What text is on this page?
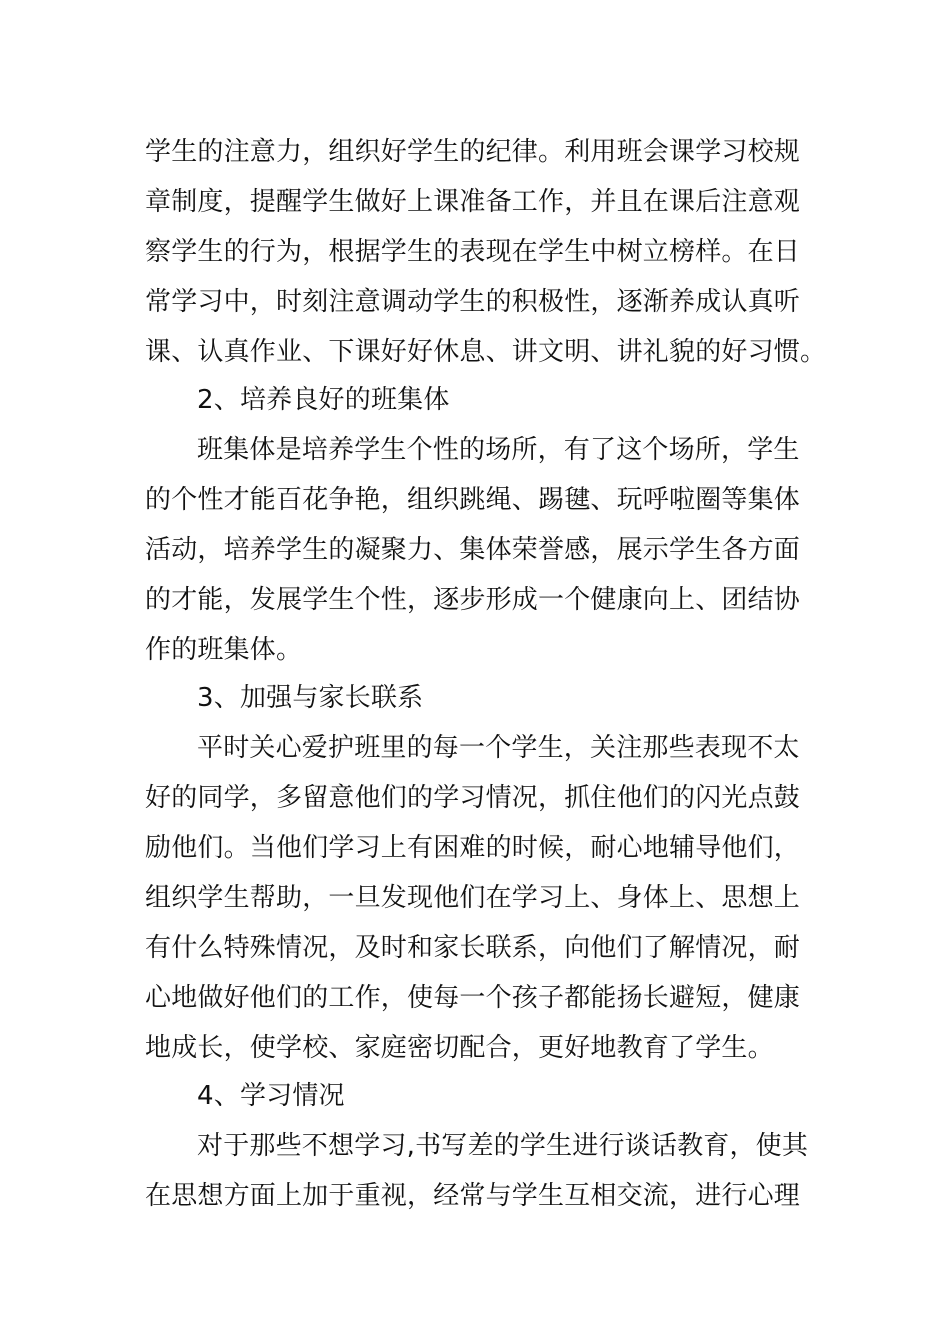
学生的注意力，组织好学生的纪律。利用班会课学习校规
章制度，提醒学生做好上课准备工作，并且在课后注意观
察学生的行为，根据学生的表现在学生中树立榜样。在日
常学习中，时刻注意调动学生的积极性，逐渐养成认真听
课、认真作业、下课好好休息、讲文明、讲礼貌的好习惯。
2、培养良好的班集体
班集体是培养学生个性的场所，有了这个场所，学生
的个性才能百花争艳，组织跳绳、踢毽、玩呼啦圈等集体
活动，培养学生的凝聚力、集体荣誉感，展示学生各方面
的才能，发展学生个性，逐步形成一个健康向上、团结协
作的班集体。
3、加强与家长联系
平时关心爱护班里的每一个学生，关注那些表现不太
好的同学，多留意他们的学习情况，抓住他们的闪光点鼓
励他们。当他们学习上有困难的时候，耐心地辅导他们，
组织学生帮助，一旦发现他们在学习上、身体上、思想上
有什么特殊情况，及时和家长联系，向他们了解情况，耐
心地做好他们的工作，使每一个孩子都能扬长避短，健康
地成长，使学校、家庭密切配合，更好地教育了学生。
4、学习情况
对于那些不想学习,书写差的学生进行谈话教育，使其
在思想方面上加于重视，经常与学生互相交流，进行心理
